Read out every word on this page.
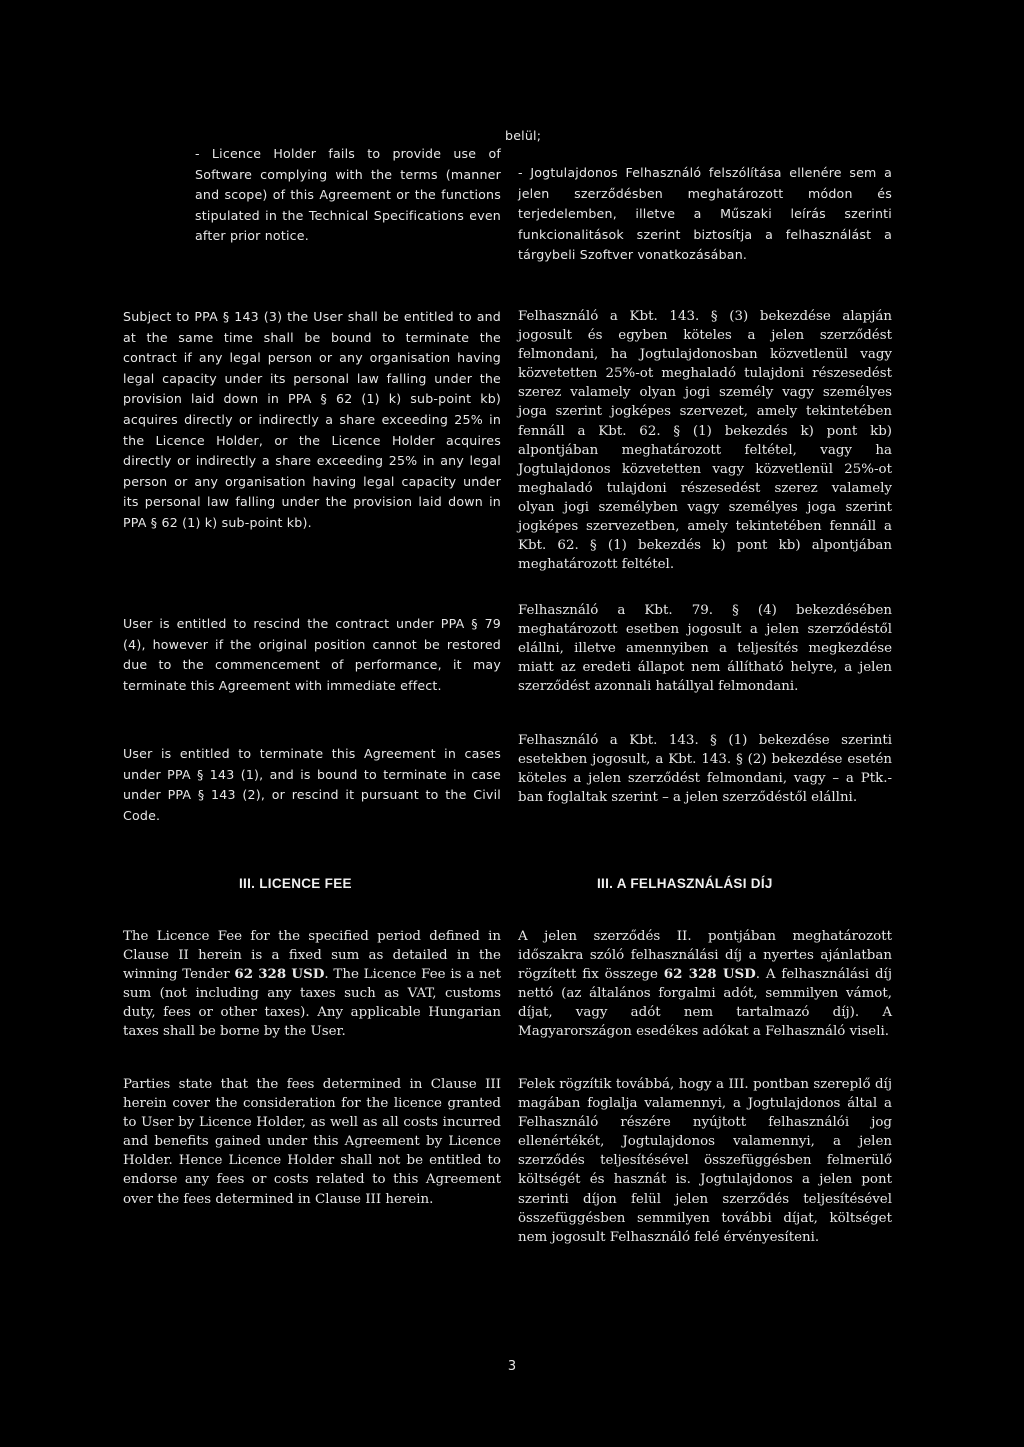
- Licence Holder fails to provide use of Software complying with the terms (manner and scope) of this Agreement or the functions stipulated in the Technical Specifications even after prior notice.

Subject to PPA § 143 (3) the User shall be entitled to and at the same time shall be bound to terminate the contract if any legal person or any organisation having legal capacity under its personal law falling under the provision laid down in PPA § 62 (1) k) sub-point kb) acquires directly or indirectly a share exceeding 25% in the Licence Holder, or the Licence Holder acquires directly or indirectly a share exceeding 25% in any legal person or any organisation having legal capacity under its personal law falling under the provision laid down in PPA § 62 (1) k) sub-point kb).

User is entitled to rescind the contract under PPA § 79 (4), however if the original position cannot be restored due to the commencement of performance, it may terminate this Agreement with immediate effect.

User is entitled to terminate this Agreement in cases under PPA § 143 (1), and is bound to terminate in case under PPA § 143 (2), or rescind it pursuant to the Civil Code.

III. LICENCE FEE

The Licence Fee for the specified period defined in Clause II herein is a fixed sum as detailed in the winning Tender 62 328 USD. The Licence Fee is a net sum (not including any taxes such as VAT, customs duty, fees or other taxes). Any applicable Hungarian taxes shall be borne by the User.

Parties state that the fees determined in Clause III herein cover the consideration for the licence granted to User by Licence Holder, as well as all costs incurred and benefits gained under this Agreement by Licence Holder. Hence Licence Holder shall not be entitled to endorse any fees or costs related to this Agreement over the fees determined in Clause III herein.

belül;

- Jogtulajdonos Felhasználó felszólítása ellenére sem a jelen szerződésben meghatározott módon és terjedelemben, illetve a Műszaki leírás szerinti funkcionalitások szerint biztosítja a felhasználást a tárgybeli Szoftver vonatkozásában.

Felhasználó a Kbt. 143. § (3) bekezdése alapján jogosult és egyben köteles a jelen szerződést felmondani, ha Jogtulajdonosban közvetlenül vagy közvetetten 25%-ot meghaladó tulajdoni részesedést szerez valamely olyan jogi személy vagy személyes joga szerint jogképes szervezet, amely tekintetében fennáll a Kbt. 62. § (1) bekezdés k) pont kb) alpontjában meghatározott feltétel, vagy ha Jogtulajdonos közvetetten vagy közvetlenül 25%-ot meghaladó tulajdoni részesedést szerez valamely olyan jogi személyben vagy személyes joga szerint jogképes szervezetben, amely tekintetében fennáll a Kbt. 62. § (1) bekezdés k) pont kb) alpontjában meghatározott feltétel.

Felhasználó a Kbt. 79. § (4) bekezdésében meghatározott esetben jogosult a jelen szerződéstől elállni, illetve amennyiben a teljesítés megkezdése miatt az eredeti állapot nem állítható helyre, a jelen szerződést azonnali hatállyal felmondani.

Felhasználó a Kbt. 143. § (1) bekezdése szerinti esetekben jogosult, a Kbt. 143. § (2) bekezdése esetén köteles a jelen szerződést felmondani, vagy – a Ptk.-ban foglaltak szerint – a jelen szerződéstől elállni.

III. A FELHASZNÁLÁSI DÍJ

A jelen szerződés II. pontjában meghatározott időszakra szóló felhasználási díj a nyertes ajánlatban rögzített fix összege 62 328 USD. A felhasználási díj nettó (az általános forgalmi adót, semmilyen vámot, díjat, vagy adót nem tartalmazó díj). A Magyarországon esedékes adókat a Felhasználó viseli.

Felek rögzítik továbbá, hogy a III. pontban szereplő díj magában foglalja valamennyi, a Jogtulajdonos által a Felhasználó részére nyújtott felhasználói jog ellenértékét, Jogtulajdonos valamennyi, a jelen szerződés teljesítésével összefüggésben felmerülő költségét és hasznát is. Jogtulajdonos a jelen pont szerinti díjon felül jelen szerződés teljesítésével összefüggésben semmilyen további díjat, költséget nem jogosult Felhasználó felé érvényesíteni.

3
